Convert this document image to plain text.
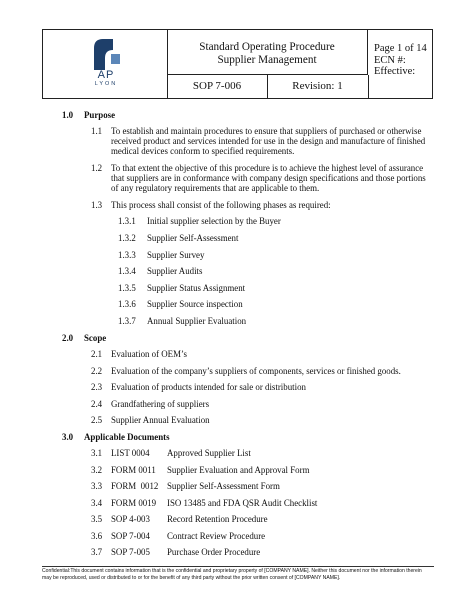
AP
LYON
Standard Operating Procedure
Supplier Management
SOP 7-006	Revision: 1
Page 1 of 14
ECN #:
Effective:
1.0 Purpose
1.1 To establish and maintain procedures to ensure that suppliers of purchased or otherwise
received product and services intended for use in the design and manufacture of finished
medical devices conform to specified requirements.
1.2 To that extent the objective of this procedure is to achieve the highest level of assurance
that suppliers are in conformance with company design specifications and those portions
of any regulatory requirements that are applicable to them.
1.3 This process shall consist of the following phases as required:
1.3.1 Initial supplier selection by the Buyer
1.3.2 Supplier Self-Assessment
1.3.3 Supplier Survey
1.3.4 Supplier Audits
1.3.5 Supplier Status Assignment
1.3.6 Supplier Source inspection
1.3.7 Annual Supplier Evaluation
2.0 Scope
2.1 Evaluation of OEM’s
2.2 Evaluation of the company’s suppliers of components, services or finished goods.
2.3 Evaluation of products intended for sale or distribution
2.4 Grandfathering of suppliers
2.5 Supplier Annual Evaluation
3.0 Applicable Documents
3.1 LIST 0004 Approved Supplier List
3.2 FORM 0011 Supplier Evaluation and Approval Form
3.3 FORM  0012 Supplier Self-Assessment Form
3.4 FORM 0019 ISO 13485 and FDA QSR Audit Checklist
3.5 SOP 4-003 Record Retention Procedure
3.6 SOP 7-004 Contract Review Procedure
3.7 SOP 7-005 Purchase Order Procedure
Confidential:This document contains information that is the confidential and proprietary property of [COMPANY NAME]. Neither this document nor the information therein
may be reproduced, used or distributed to or for the benefit of any third party without the prior written consent of [COMPANY NAME].
